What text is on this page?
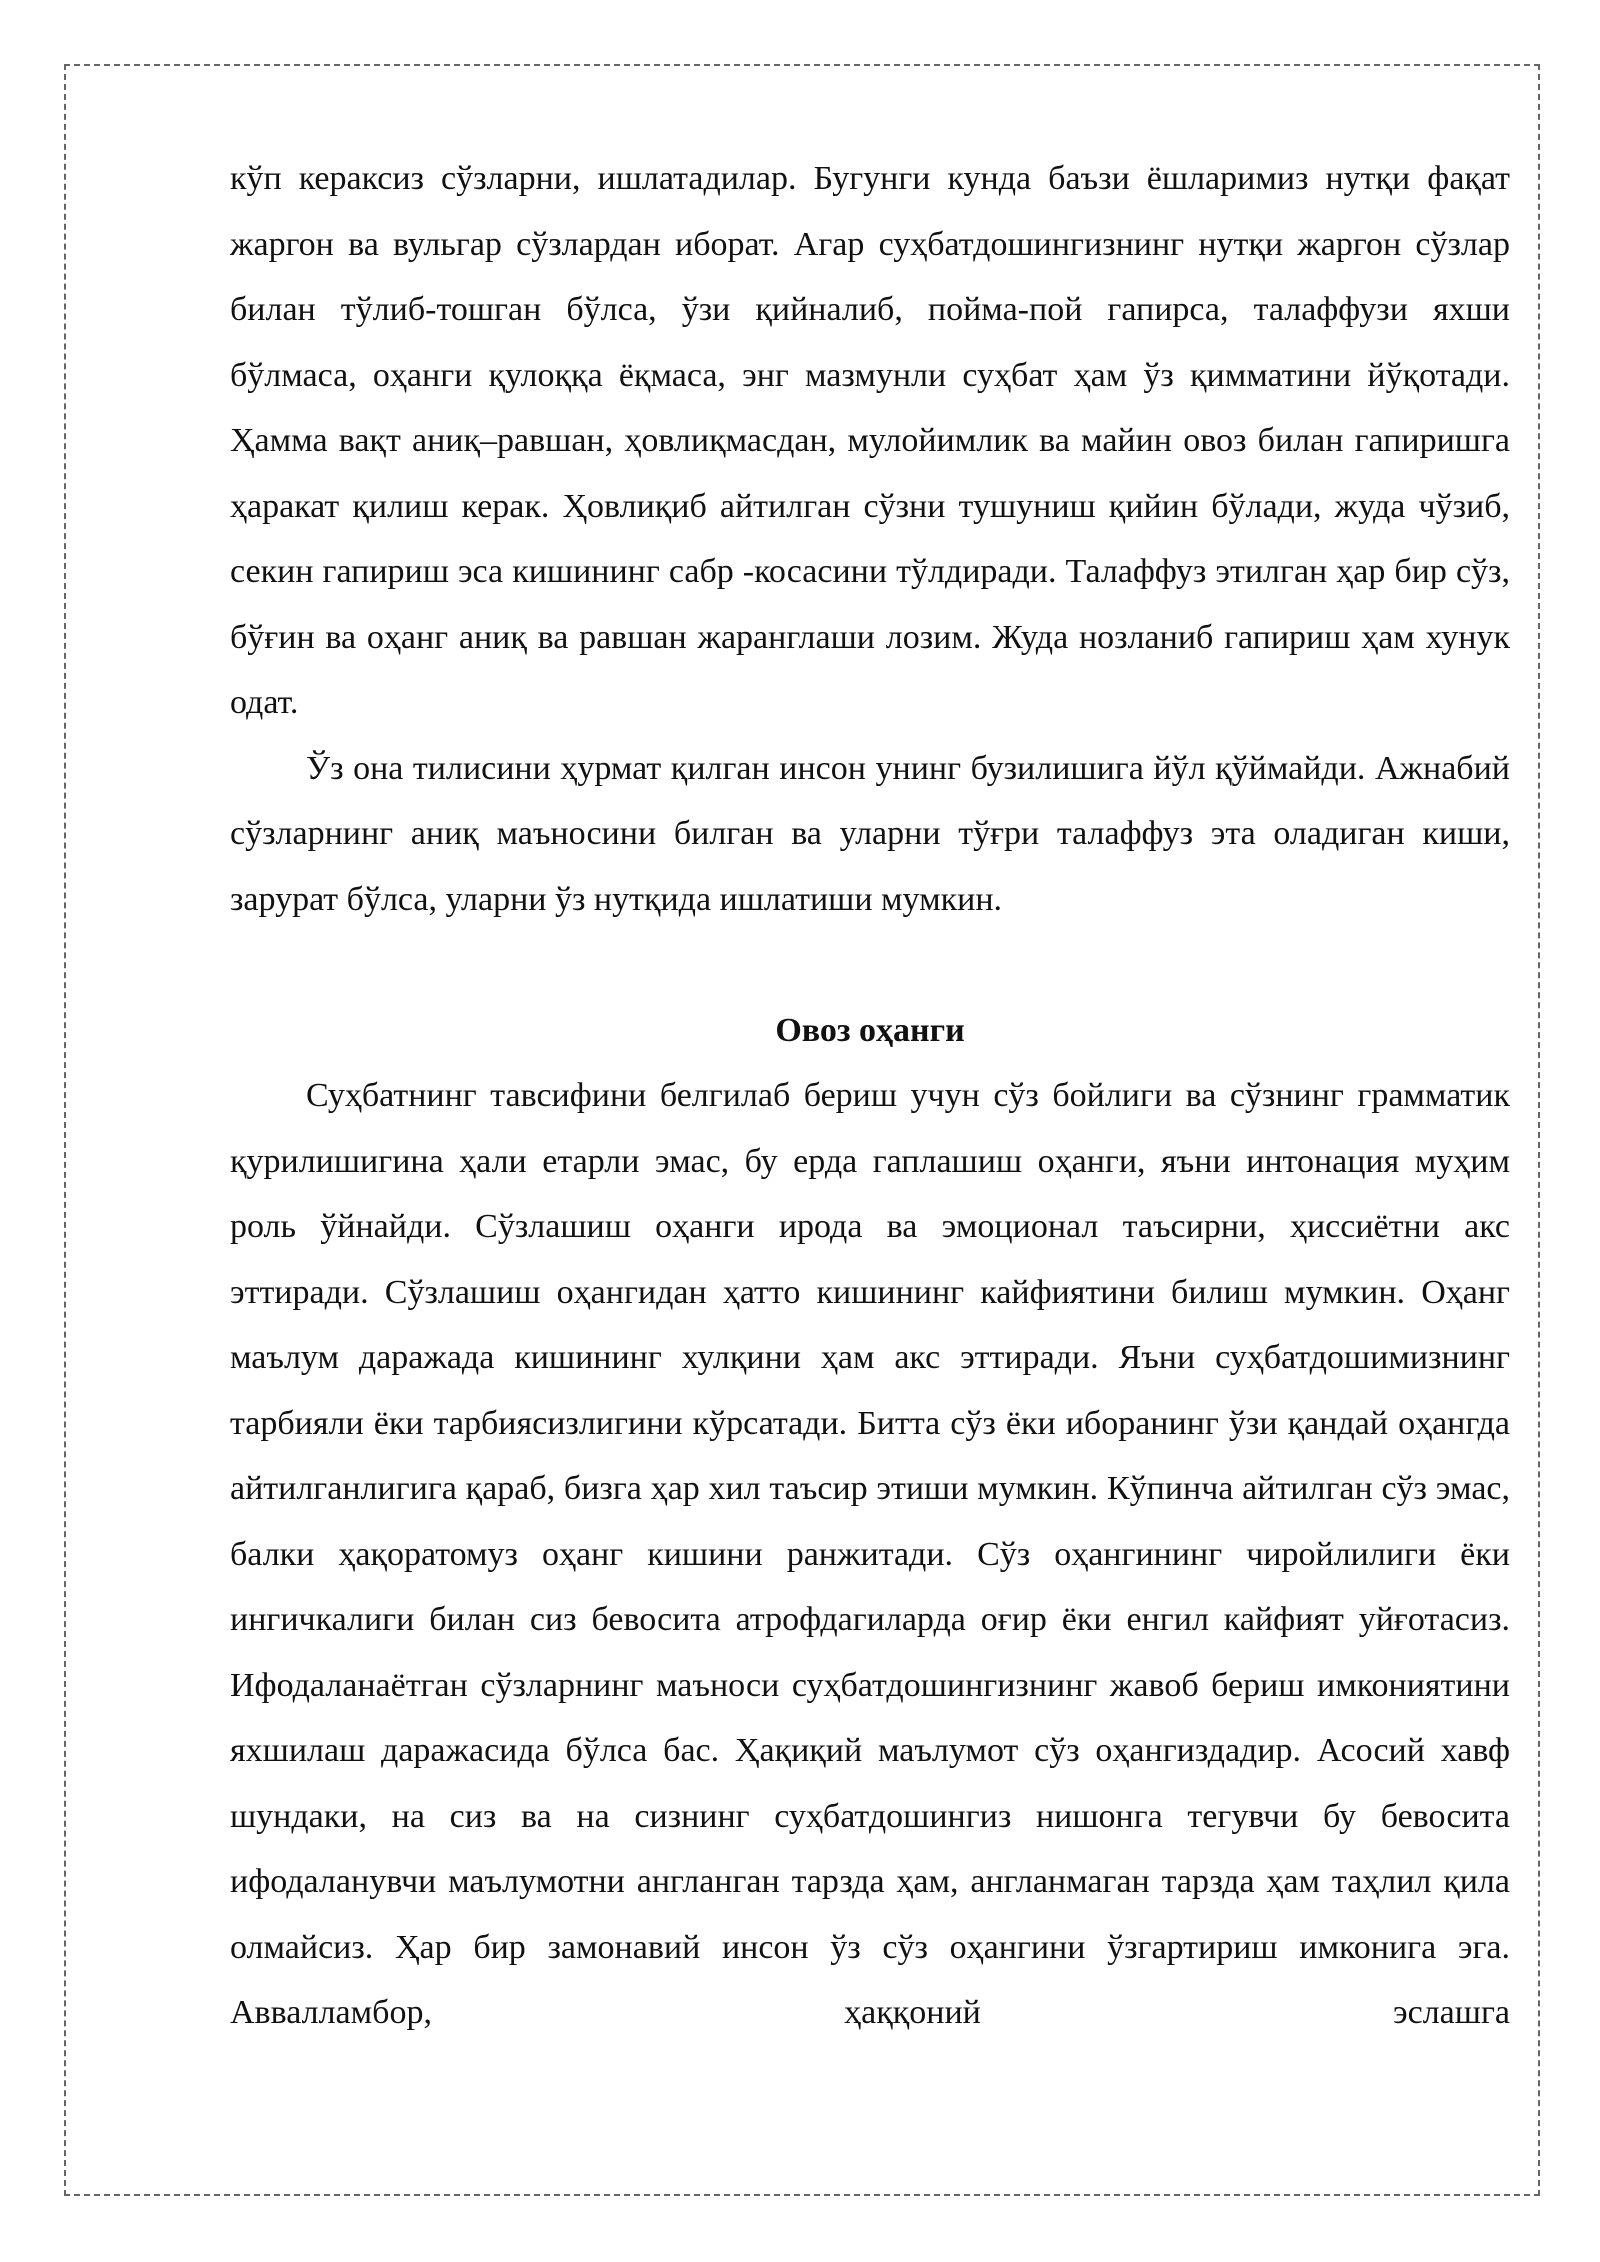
кўп кераксиз сўзларни, ишлатадилар. Бугунги кунда баъзи ёшларимиз нутқи фақат жаргон ва вульгар сўзлардан иборат. Агар суҳбатдошингизнинг нутқи жаргон сўзлар билан тўлиб-тошган бўлса, ўзи қийналиб, пойма-пой гапирса, талаффузи яхши бўлмаса, оҳанги қулоққа ёқмаса, энг мазмунли суҳбат ҳам ўз қимматини йўқотади. Ҳамма вақт аниқ–равшан, ҳовлиқмасдан, мулойимлик ва майин овоз билан гапиришга ҳаракат қилиш керак. Ҳовлиқиб айтилган сўзни тушуниш қийин бўлади, жуда чўзиб, секин гапириш эса кишининг сабр -косасини тўлдиради. Талаффуз этилган ҳар бир сўз, бўғин ва оҳанг аниқ ва равшан жаранглаши лозим. Жуда нозланиб гапириш ҳам хунук одат.

Ўз она тилисини ҳурмат қилган инсон унинг бузилишига йўл қўймайди. Ажнабий сўзларнинг аниқ маъносини билган ва уларни тўғри талаффуз эта оладиган киши, зарурат бўлса, уларни ўз нутқида ишлатиши мумкин.

Овоз оҳанги

Суҳбатнинг тавсифини белгилаб бериш учун сўз бойлиги ва сўзнинг грамматик қурилишигина ҳали етарли эмас, бу ерда гаплашиш оҳанги, яъни интонация муҳим роль ўйнайди. Сўзлашиш оҳанги ирода ва эмоционал таъсирни, ҳиссиётни акс эттиради. Сўзлашиш оҳангидан ҳатто кишининг кайфиятини билиш мумкин. Оҳанг маълум даражада кишининг хулқини ҳам акс эттиради. Яъни суҳбатдошимизнинг тарбияли ёки тарбиясизлигини кўрсатади. Битта сўз ёки иборанинг ўзи қандай оҳангда айтилганлигига қараб, бизга ҳар хил таъсир этиши мумкин. Кўпинча айтилган сўз эмас, балки ҳақоратомуз оҳанг кишини ранжитади. Сўз оҳангининг чиройлилиги ёки ингичкалиги билан сиз бевосита атрофдагиларда оғир ёки енгил кайфият уйғотасиз. Ифодаланаётган сўзларнинг маъноси суҳбатдошингизнинг жавоб бериш имкониятини яхшилаш даражасида бўлса бас. Ҳақиқий маълумот сўз оҳангиздадир. Асосий хавф шундаки, на сиз ва на сизнинг суҳбатдошингиз нишонга тегувчи бу бевосита ифодаланувчи маълумотни англанган тарзда ҳам, англанмаган тарзда ҳам таҳлил қила олмайсиз. Ҳар бир замонавий инсон ўз сўз оҳангини ўзгартириш имконига эга. Аввалламбор, ҳаққоний эслашга
